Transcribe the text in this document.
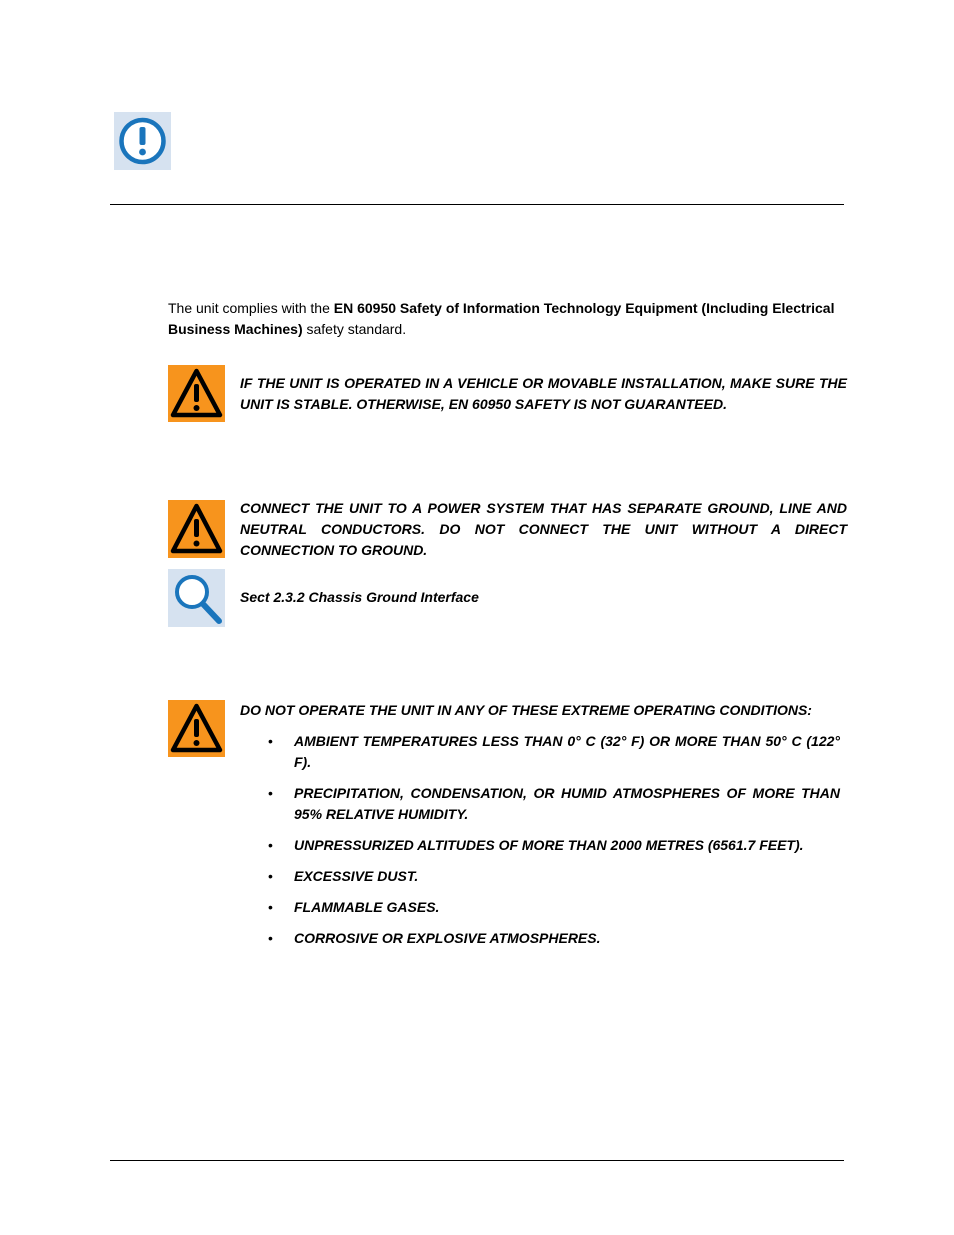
The unit complies with the EN 60950 Safety of Information Technology Equipment (Including Electrical Business Machines) safety standard.
IF THE UNIT IS OPERATED IN A VEHICLE OR MOVABLE INSTALLATION, MAKE SURE THE UNIT IS STABLE. OTHERWISE, EN 60950 SAFETY IS NOT GUARANTEED.
CONNECT THE UNIT TO A POWER SYSTEM THAT HAS SEPARATE GROUND, LINE AND NEUTRAL CONDUCTORS. DO NOT CONNECT THE UNIT WITHOUT A DIRECT CONNECTION TO GROUND.
Sect 2.3.2 Chassis Ground Interface
DO NOT OPERATE THE UNIT IN ANY OF THESE EXTREME OPERATING CONDITIONS:
• AMBIENT TEMPERATURES LESS THAN 0° C (32° F) OR MORE THAN 50° C (122° F).
• PRECIPITATION, CONDENSATION, OR HUMID ATMOSPHERES OF MORE THAN 95% RELATIVE HUMIDITY.
• UNPRESSURIZED ALTITUDES OF MORE THAN 2000 METRES (6561.7 FEET).
• EXCESSIVE DUST.
• FLAMMABLE GASES.
• CORROSIVE OR EXPLOSIVE ATMOSPHERES.
